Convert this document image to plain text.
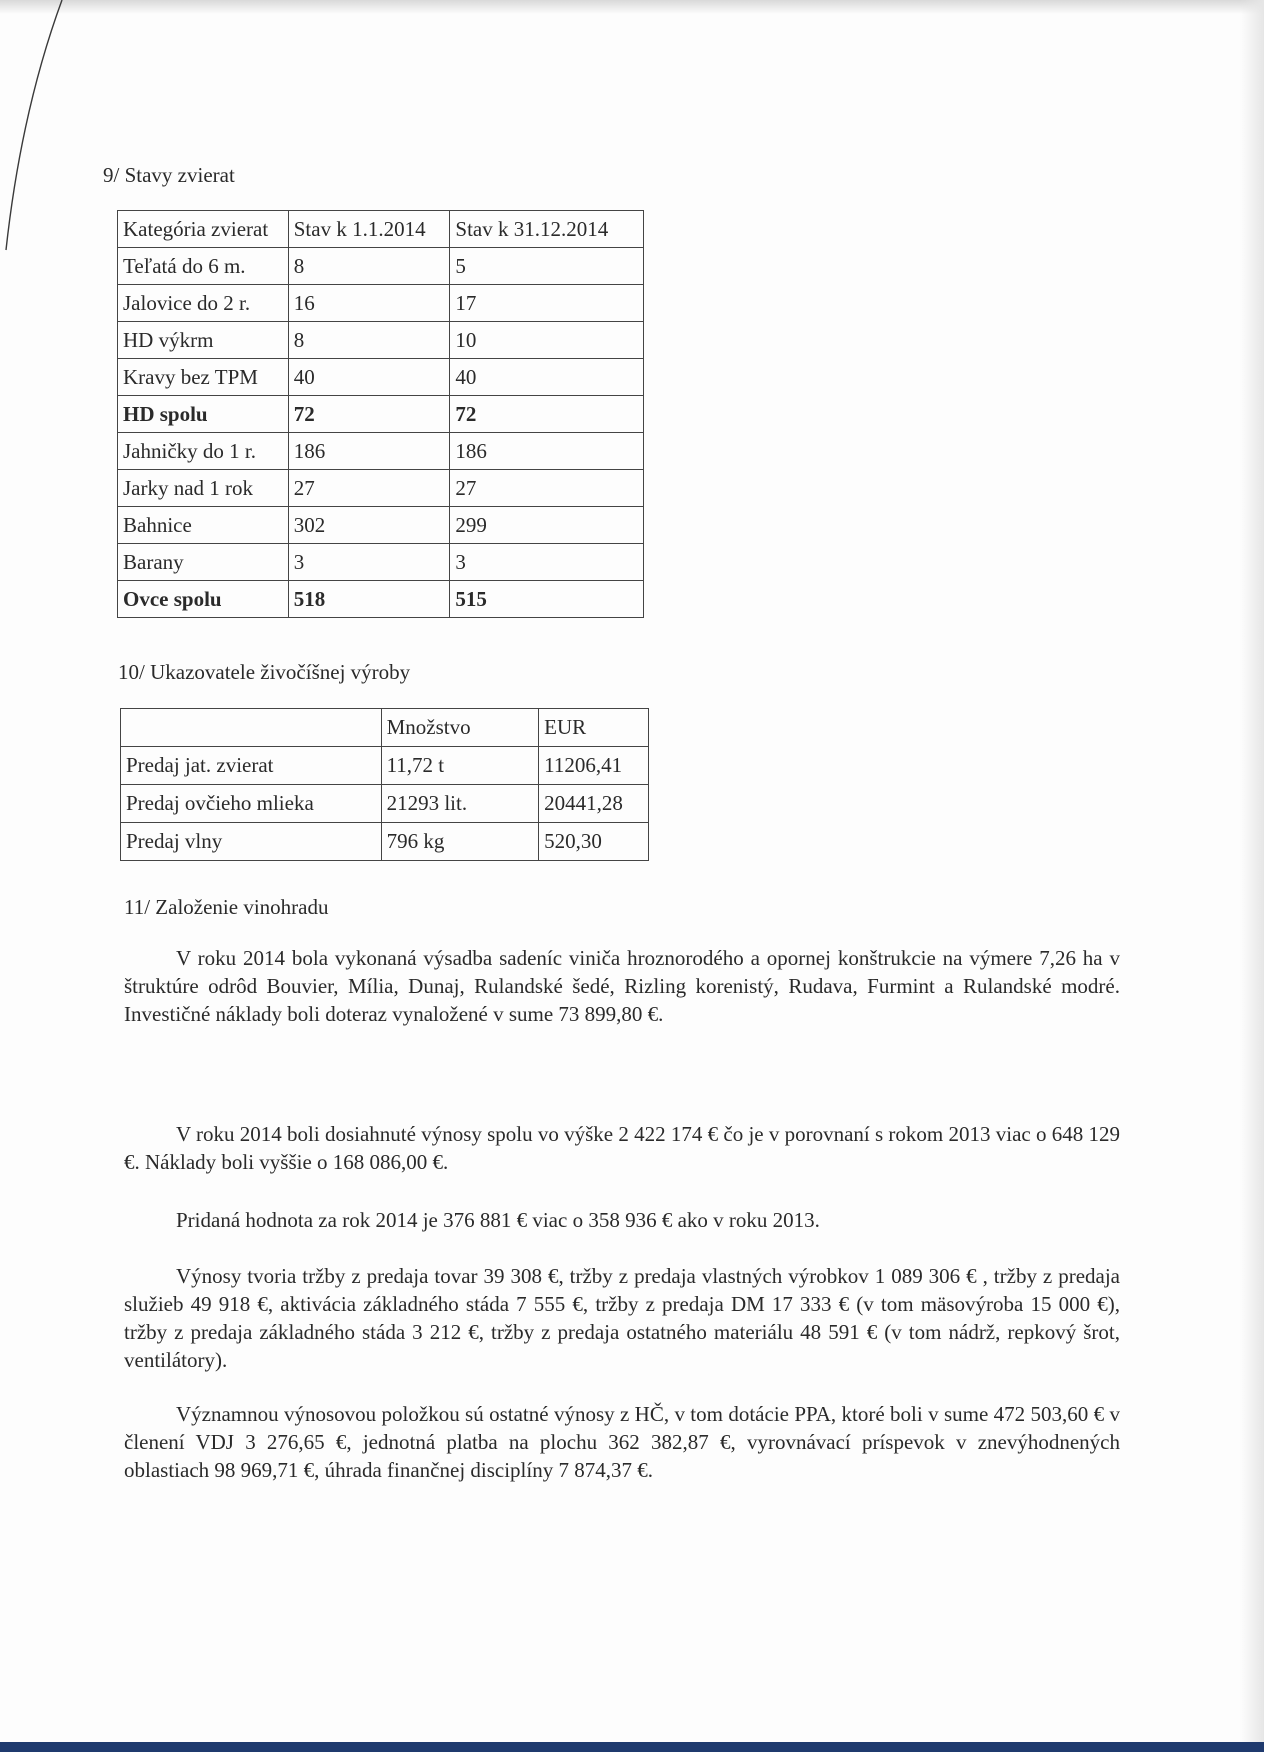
9/ Stavy zvierat

Kategória zvierat	Stav k 1.1.2014	Stav k 31.12.2014
Teľatá do 6 m.	8	5
Jalovice do 2 r.	16	17
HD výkrm	8	10
Kravy bez TPM	40	40
HD spolu	72	72
Jahničky do 1 r.	186	186
Jarky nad 1 rok	27	27
Bahnice	302	299
Barany	3	3
Ovce spolu	518	515

10/ Ukazovatele živočíšnej výroby

	Množstvo	EUR
Predaj jat. zvierat	11,72 t	11206,41
Predaj ovčieho mlieka	21293 lit.	20441,28
Predaj vlny	796 kg	520,30

11/ Založenie vinohradu

V roku 2014 bola vykonaná výsadba sadeníc viniča hroznorodého a opornej konštrukcie na výmere 7,26 ha v štruktúre odrôd Bouvier, Mília, Dunaj, Rulandské šedé, Rizling korenistý, Rudava, Furmint a Rulandské modré. Investičné náklady boli doteraz vynaložené v sume 73 899,80 €.

V roku 2014 boli dosiahnuté výnosy spolu vo výške 2 422 174 € čo je v porovnaní s rokom 2013 viac o 648 129 €. Náklady boli vyššie o 168 086,00 €.

Pridaná hodnota za rok 2014 je 376 881 € viac o 358 936 € ako v roku 2013.

Výnosy tvoria tržby z predaja tovar 39 308 €, tržby z predaja vlastných výrobkov 1 089 306 € , tržby z predaja služieb 49 918 €, aktivácia základného stáda 7 555 €, tržby z predaja DM 17 333 € (v tom mäsovýroba 15 000 €), tržby z predaja základného stáda 3 212 €, tržby z predaja ostatného materiálu 48 591 € (v tom nádrž, repkový šrot, ventilátory).

Významnou výnosovou položkou sú ostatné výnosy z HČ, v tom dotácie PPA, ktoré boli v sume 472 503,60 € v členení VDJ 3 276,65 €, jednotná platba na plochu 362 382,87 €, vyrovnávací príspevok v znevýhodnených oblastiach 98 969,71 €, úhrada finančnej disciplíny 7 874,37 €.
